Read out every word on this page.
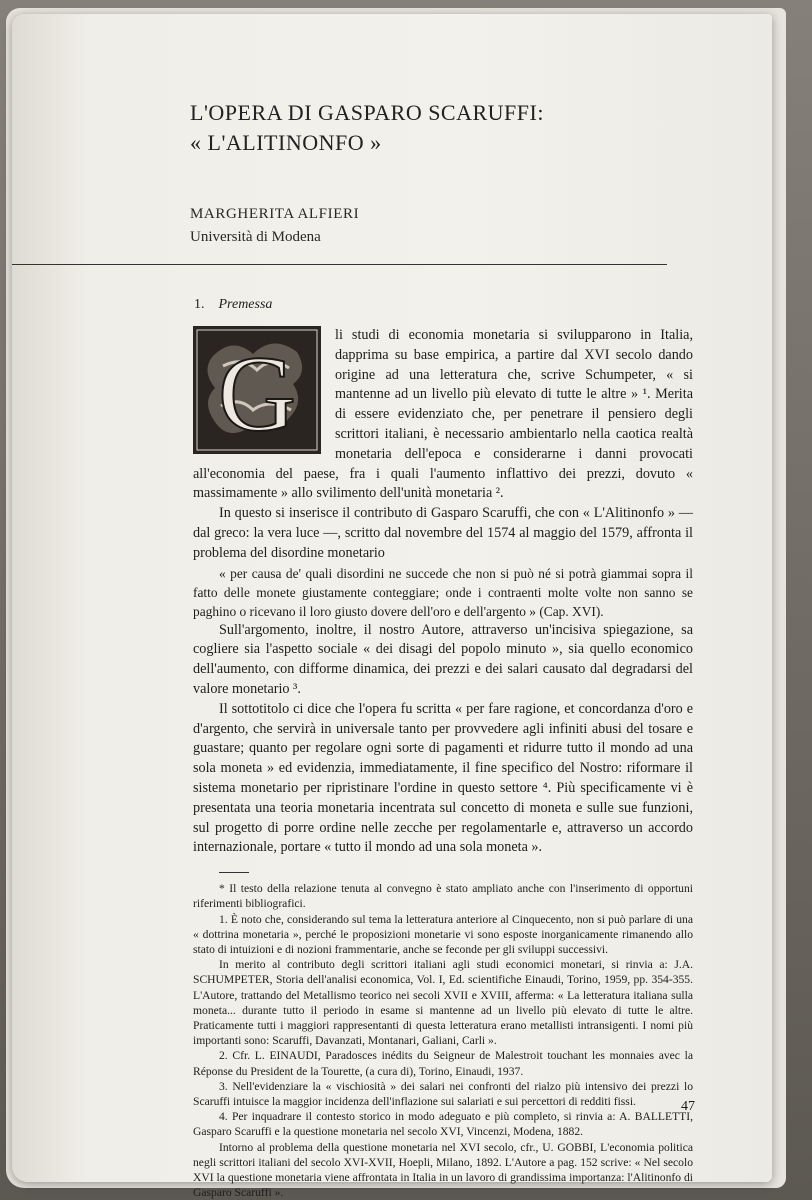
L'OPERA DI GASPARO SCARUFFI:
« L'ALITINONFO »
MARGHERITA ALFIERI
Università di Modena
1. Premessa
G	li studi di economia monetaria si svilupparono in Italia, dapprima su base empirica, a partire dal XVI secolo dando origine ad una letteratura che, scrive Schumpeter, « si mantenne ad un livello più elevato di tutte le altre » ¹. Merita di essere evidenziato che, per penetrare il pensiero degli scrittori italiani, è necessario ambientarlo nella caotica realtà monetaria dell'epoca e considerarne i danni provocati all'economia del paese, fra i quali l'aumento inflattivo dei prezzi, dovuto « massimamente » allo svilimento dell'unità monetaria ².

In questo si inserisce il contributo di Gasparo Scaruffi, che con « L'Alitinonfo » — dal greco: la vera luce —, scritto dal novembre del 1574 al maggio del 1579, affronta il problema del disordine monetario

« per causa de' quali disordini ne succede che non si può né si potrà giammai sopra il fatto delle monete giustamente conteggiare; onde i contraenti molte volte non sanno se paghino o ricevano il loro giusto dovere dell'oro e dell'argento » (Cap. XVI).

Sull'argomento, inoltre, il nostro Autore, attraverso un'incisiva spiegazione, sa cogliere sia l'aspetto sociale « dei disagi del popolo minuto », sia quello economico dell'aumento, con difforme dinamica, dei prezzi e dei salari causato dal degradarsi del valore monetario ³.

Il sottotitolo ci dice che l'opera fu scritta « per fare ragione, et concordanza d'oro e d'argento, che servirà in universale tanto per provvedere agli infiniti abusi del tosare e guastare; quanto per regolare ogni sorte di pagamenti et ridurre tutto il mondo ad una sola moneta » ed evidenzia, immediatamente, il fine specifico del Nostro: riformare il sistema monetario per ripristinare l'ordine in questo settore ⁴. Più specificamente vi è presentata una teoria monetaria incentrata sul concetto di moneta e sulle sue funzioni, sul progetto di porre ordine nelle zecche per regolamentarle e, attraverso un accordo internazionale, portare « tutto il mondo ad una sola moneta ».

* Il testo della relazione tenuta al convegno è stato ampliato anche con l'inserimento di opportuni riferimenti bibliografici.

1. È noto che, considerando sul tema la letteratura anteriore al Cinquecento, non si può parlare di una « dottrina monetaria », perché le proposizioni monetarie vi sono esposte inorganicamente rimanendo allo stato di intuizioni e di nozioni frammentarie, anche se feconde per gli sviluppi successivi.

In merito al contributo degli scrittori italiani agli studi economici monetari, si rinvia a: J.A. SCHUMPETER, Storia dell'analisi economica, Vol. I, Ed. scientifiche Einaudi, Torino, 1959, pp. 354-355. L'Autore, trattando del Metallismo teorico nei secoli XVII e XVIII, afferma: « La letteratura italiana sulla moneta... durante tutto il periodo in esame si mantenne ad un livello più elevato di tutte le altre. Praticamente tutti i maggiori rappresentanti di questa letteratura erano metallisti intransigenti. I nomi più importanti sono: Scaruffi, Davanzati, Montanari, Galiani, Carli ».

2. Cfr. L. EINAUDI, Paradosces inédits du Seigneur de Malestroit touchant les monnaies avec la Réponse du President de la Tourette, (a cura di), Torino, Einaudi, 1937.

3. Nell'evidenziare la « vischiosità » dei salari nei confronti del rialzo più intensivo dei prezzi lo Scaruffi intuisce la maggior incidenza dell'inflazione sui salariati e sui percettori di redditi fissi.

4. Per inquadrare il contesto storico in modo adeguato e più completo, si rinvia a: A. BALLETTI, Gasparo Scaruffi e la questione monetaria nel secolo XVI, Vincenzi, Modena, 1882.

Intorno al problema della questione monetaria nel XVI secolo, cfr., U. GOBBI, L'economia politica negli scrittori italiani del secolo XVI-XVII, Hoepli, Milano, 1892. L'Autore a pag. 152 scrive: « Nel secolo XVI la questione monetaria viene affrontata in Italia in un lavoro di grandissima importanza: l'Alitinonfo di Gasparo Scaruffi ».

47
